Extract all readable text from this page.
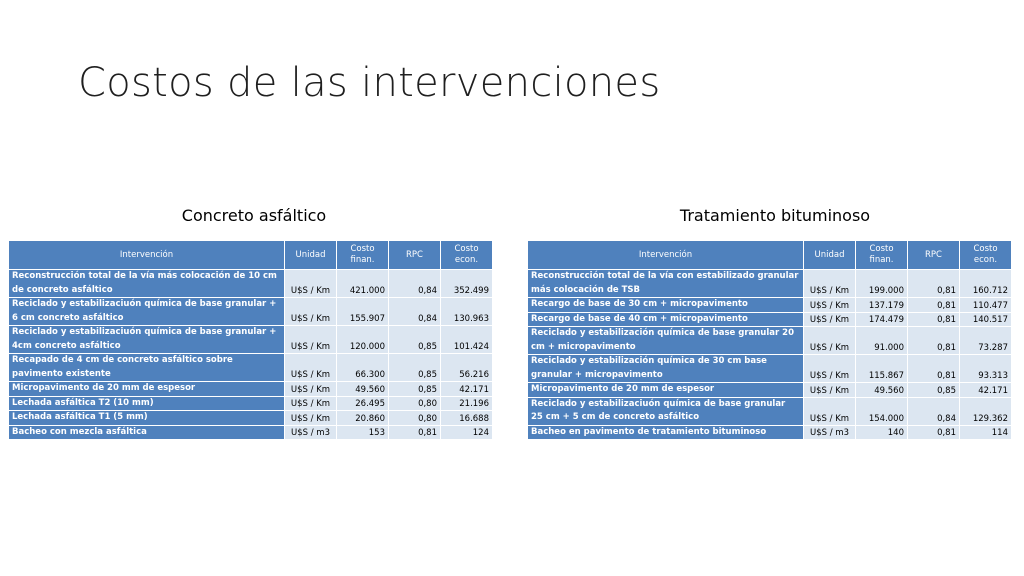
Costos de las intervenciones
Concreto asfáltico	Tratamiento bituminoso
Intervención	Unidad	Costo finan.	RPC	Costo econ.
Reconstrucción total de la vía más colocación de 10 cm de concreto asfáltico	U$S / Km	421.000	0,84	352.499
Reciclado y estabilizaciuón química de base granular + 6 cm concreto asfáltico	U$S / Km	155.907	0,84	130.963
Reciclado y estabilizaciuón química de base granular + 4cm concreto asfáltico	U$S / Km	120.000	0,85	101.424
Recapado de 4 cm de concreto asfáltico sobre pavimento existente	U$S / Km	66.300	0,85	56.216
Micropavimento de 20 mm de espesor	U$S / Km	49.560	0,85	42.171
Lechada asfáltica T2 (10 mm)	U$S / Km	26.495	0,80	21.196
Lechada asfáltica T1 (5 mm)	U$S / Km	20.860	0,80	16.688
Bacheo con mezcla asfáltica	U$S / m3	153	0,81	124
Intervención	Unidad	Costo finan.	RPC	Costo econ.
Reconstrucción total de la vía con estabilizado granular más colocación de TSB	U$S / Km	199.000	0,81	160.712
Recargo de base de 30 cm + micropavimento	U$S / Km	137.179	0,81	110.477
Recargo de base de 40 cm + micropavimento	U$S / Km	174.479	0,81	140.517
Reciclado y estabilización química de base granular 20 cm + micropavimento	U$S / Km	91.000	0,81	73.287
Reciclado y estabilización química de 30 cm base granular + micropavimento	U$S / Km	115.867	0,81	93.313
Micropavimento de 20 mm de espesor	U$S / Km	49.560	0,85	42.171
Reciclado y estabilizaciuón química de base granular 25 cm + 5 cm de concreto asfáltico	U$S / Km	154.000	0,84	129.362
Bacheo en pavimento de tratamiento bituminoso	U$S / m3	140	0,81	114
